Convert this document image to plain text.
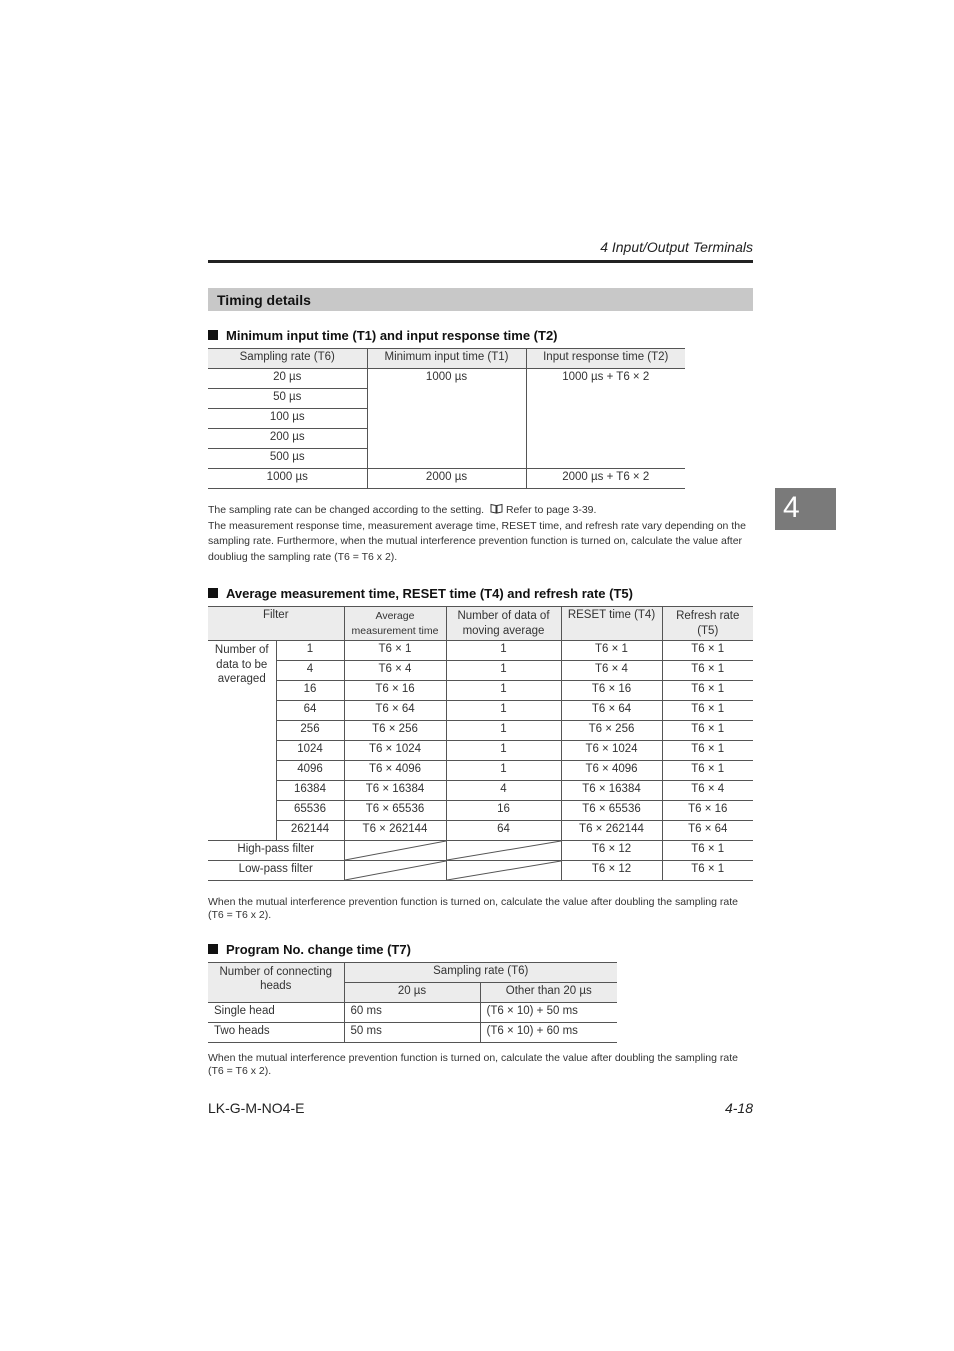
4 Input/Output Terminals
Timing details
4
Minimum input time (T1) and input response time (T2)
Sampling rate (T6)	Minimum input time (T1)	Input response time (T2)
20 µs	1000 µs	1000 µs + T6 × 2
50 µs		
100 µs		
200 µs		
500 µs		
1000 µs	2000 µs	2000 µs + T6 × 2
The sampling rate can be changed according to the setting. Refer to page 3-39.
The measurement response time, measurement average time, RESET time, and refresh rate vary depending on the sampling rate. Furthermore, when the mutual interference prevention function is turned on, calculate the value after doubliug the sampling rate (T6 = T6 x 2).
Average measurement time, RESET time (T4) and refresh rate (T5)
Filter		Average measurement time	Number of data of moving average	RESET time (T4)	Refresh rate (T5)
Number of data to be averaged	1	T6 × 1	1	T6 × 1	T6 × 1
	4	T6 × 4	1	T6 × 4	T6 × 1
	16	T6 × 16	1	T6 × 16	T6 × 1
	64	T6 × 64	1	T6 × 64	T6 × 1
	256	T6 × 256	1	T6 × 256	T6 × 1
	1024	T6 × 1024	1	T6 × 1024	T6 × 1
	4096	T6 × 4096	1	T6 × 4096	T6 × 1
	16384	T6 × 16384	4	T6 × 16384	T6 × 4
	65536	T6 × 65536	16	T6 × 65536	T6 × 16
	262144	T6 × 262144	64	T6 × 262144	T6 × 64
High-pass filter				T6 × 12	T6 × 1
Low-pass filter				T6 × 12	T6 × 1
When the mutual interference prevention function is turned on, calculate the value after doubling the sampling rate (T6 = T6 x 2).
Program No. change time (T7)
Number of connecting heads	Sampling rate (T6)	
	20 µs	Other than 20 µs
Single head	60 ms	(T6 × 10) + 50 ms
Two heads	50 ms	(T6 × 10) + 60 ms
When the mutual interference prevention function is turned on, calculate the value after doubling the sampling rate (T6 = T6 x 2).
LK-G-M-NO4-E	4-18
